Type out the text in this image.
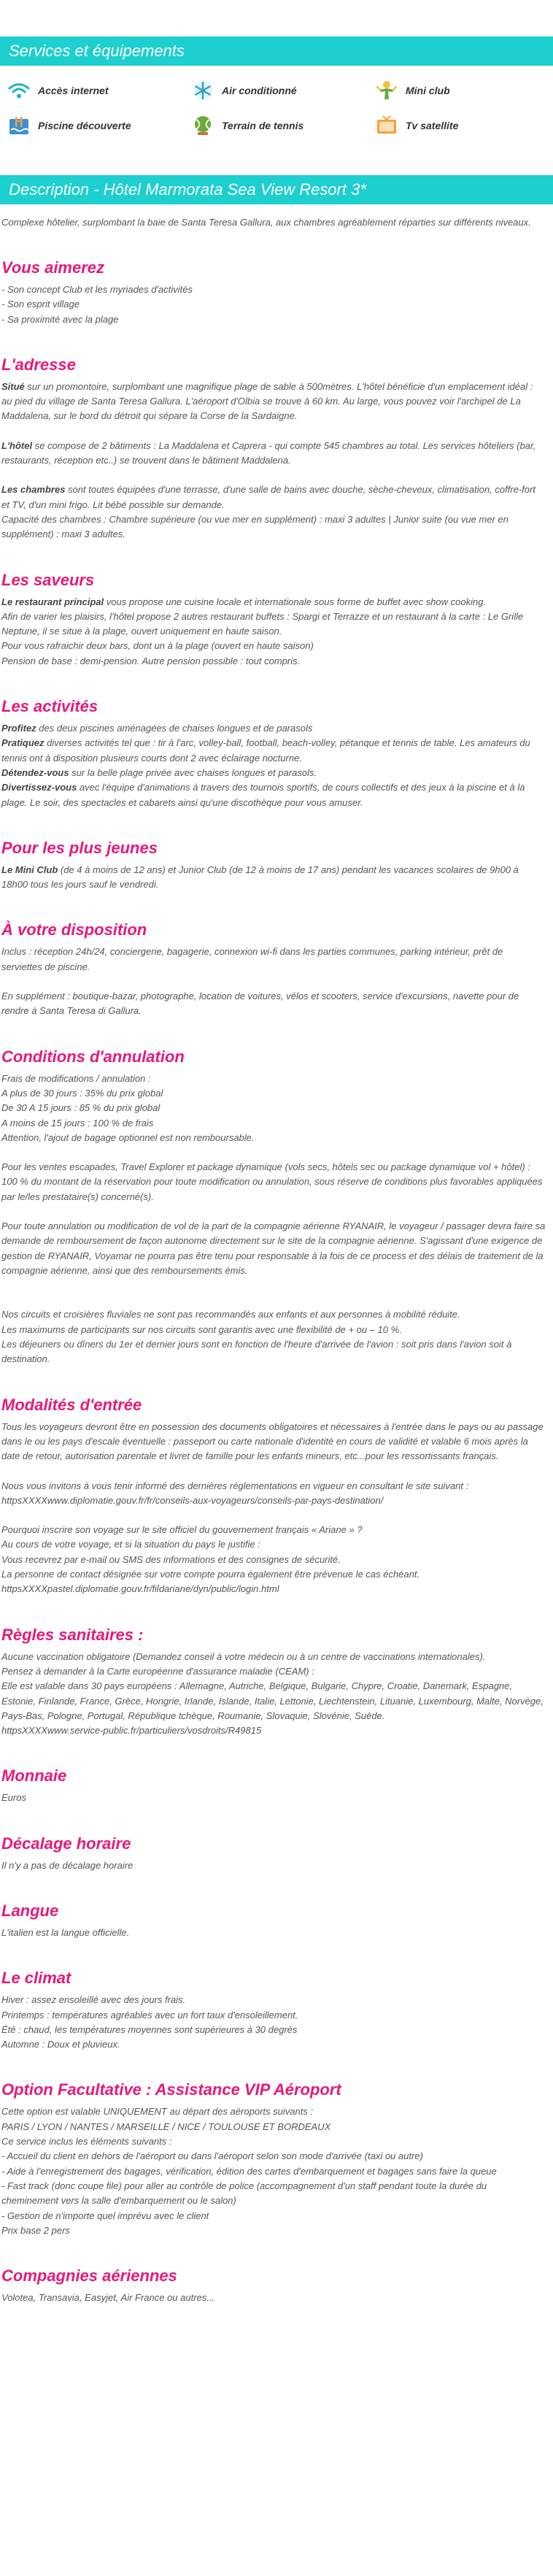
Services et équipements
Accès internet	Air conditionné	Mini club
Piscine découverte	Terrain de tennis	Tv satellite
Description - Hôtel Marmorata Sea View Resort 3*

Complexe hôtelier, surplombant la baie de Santa Teresa Gallura, aux chambres agréablement réparties sur différents niveaux.

Vous aimerez

- Son concept Club et les myriades d'activités
- Son esprit village
- Sa proximité avec la plage

L'adresse

Situé sur un promontoire, surplombant une magnifique plage de sable à 500mètres. L'hôtel bénéficie d'un emplacement idéal : au pied du village de Santa Teresa Gallura. L'aéroport d'Olbia se trouve à 60 km. Au large, vous pouvez voir l'archipel de La Maddalena, sur le bord du détroit qui sépare la Corse de la Sardaigne.

L'hôtel se compose de 2 bâtiments : La Maddalena et Caprera - qui compte 545 chambres au total. Les services hôteliers (bar, restaurants, réception etc..) se trouvent dans le bâtiment Maddalena.

Les chambres sont toutes équipées d'une terrasse, d'une salle de bains avec douche, sèche-cheveux, climatisation, coffre-fort et TV, d'un mini frigo. Lit bébé possible sur demande.
Capacité des chambres : Chambre supérieure (ou vue mer en supplément) : maxi 3 adultes | Junior suite (ou vue mer en supplément) : maxi 3 adultes.

Les saveurs

Le restaurant principal vous propose une cuisine locale et internationale sous forme de buffet avec show cooking.
Afin de varier les plaisirs, l'hôtel propose 2 autres restaurant buffets : Spargi et Terrazze et un restaurant à la carte : Le Grille Neptune, il se situe à la plage, ouvert uniquement en haute saison.
Pour vous rafraichir deux bars, dont un à la plage (ouvert en haute saison)
Pension de base : demi-pension. Autre pension possible : tout compris.

Les activités

Profitez des deux piscines aménagées de chaises longues et de parasols
Pratiquez diverses activités tel que : tir à l'arc, volley-ball, football, beach-volley, pétanque et tennis de table. Les amateurs du tennis ont à disposition plusieurs courts dont 2 avec éclairage nocturne.
Détendez-vous sur la belle plage privée avec chaises longues et parasols.
Divertissez-vous avec l'équipe d'animations à travers des tournois sportifs, de cours collectifs et des jeux à la piscine et à la plage. Le soir, des spectacles et cabarets ainsi qu'une discothèque pour vous amuser.

Pour les plus jeunes

Le Mini Club (de 4 à moins de 12 ans) et Junior Club (de 12 à moins de 17 ans) pendant les vacances scolaires de 9h00 à 18h00 tous les jours sauf le vendredi.

À votre disposition

Inclus : réception 24h/24, conciergerie, bagagerie, connexion wi-fi dans les parties communes, parking intérieur, prêt de serviettes de piscine.

En supplément : boutique-bazar, photographe, location de voitures, vélos et scooters, service d'excursions, navette pour de rendre à Santa Teresa di Gallura.

Conditions d'annulation

Frais de modifications / annulation :
A plus de 30 jours : 35% du prix global
De 30 A 15 jours : 85 % du prix global
A moins de 15 jours : 100 % de frais
Attention, l'ajout de bagage optionnel est non remboursable.

Pour les ventes escapades, Travel Explorer et package dynamique (vols secs, hôtels sec ou package dynamique vol + hôtel) : 100 % du montant de la réservation pour toute modification ou annulation, sous réserve de conditions plus favorables appliquées par le/les prestataire(s) concerné(s).

Pour toute annulation ou modification de vol de la part de la compagnie aérienne RYANAIR, le voyageur / passager devra faire sa demande de remboursement de façon autonome directement sur le site de la compagnie aérienne. S'agissant d'une exigence de gestion de RYANAIR, Voyamar ne pourra pas être tenu pour responsable à la fois de ce process et des délais de traitement de la compagnie aérienne, ainsi que des remboursements émis.

Nos circuits et croisières fluviales ne sont pas recommandés aux enfants et aux personnes à mobilité réduite.
Les maximums de participants sur nos circuits sont garantis avec une flexibilité de + ou – 10 %.
Les déjeuners ou dîners du 1er et dernier jours sont en fonction de l'heure d'arrivée de l'avion : soit pris dans l'avion soit à destination.

Modalités d'entrée

Tous les voyageurs devront être en possession des documents obligatoires et nécessaires à l'entrée dans le pays ou au passage dans le ou les pays d'escale éventuelle : passeport ou carte nationale d'identité en cours de validité et valable 6 mois après la date de retour, autorisation parentale et livret de famille pour les enfants mineurs, etc...pour les ressortissants français.

Nous vous invitons à vous tenir informé des dernières réglementations en vigueur en consultant le site suivant : httpsXXXXwww.diplomatie.gouv.fr/fr/conseils-aux-voyageurs/conseils-par-pays-destination/

Pourquoi inscrire son voyage sur le site officiel du gouvernement français « Ariane » ?
Au cours de votre voyage, et si la situation du pays le justifie :
Vous recevrez par e-mail ou SMS des informations et des consignes de sécurité.
La personne de contact désignée sur votre compte pourra également être prévenue le cas échéant.
httpsXXXXpastel.diplomatie.gouv.fr/fildariane/dyn/public/login.html

Règles sanitaires :

Aucune vaccination obligatoire (Demandez conseil à votre médecin ou à un centre de vaccinations internationales).
Pensez à demander à la Carte européenne d'assurance maladie (CEAM) :
Elle est valable dans 30 pays européens : Allemagne, Autriche, Belgique, Bulgarie, Chypre, Croatie, Danemark, Espagne, Estonie, Finlande, France, Grèce, Hongrie, Irlande, Islande, Italie, Lettonie, Liechtenstein, Lituanie, Luxembourg, Malte, Norvège, Pays-Bas, Pologne, Portugal, République tchèque, Roumanie, Slovaquie, Slovénie, Suède.
httpsXXXXwww.service-public.fr/particuliers/vosdroits/R49815

Monnaie

Euros

Décalage horaire

Il n'y a pas de décalage horaire

Langue

L'italien est la langue officielle.

Le climat

Hiver : assez ensoleillé avec des jours frais.
Printemps : températures agréables avec un fort taux d'ensoleillement.
Été : chaud, les températures moyennes sont supérieures à 30 degrés
Automne : Doux et pluvieux.

Option Facultative : Assistance VIP Aéroport

Cette option est valable UNIQUEMENT au départ des aéroports suivants :
PARIS / LYON / NANTES / MARSEILLE / NICE / TOULOUSE ET BORDEAUX
Ce service inclus les éléments suivants :
- Accueil du client en dehors de l'aéroport ou dans l'aéroport selon son mode d'arrivée (taxi ou autre)
- Aide à l'enregistrement des bagages, vérification, édition des cartes d'embarquement et bagages sans faire la queue
- Fast track (donc coupe file) pour aller au contrôle de police (accompagnement d'un staff pendant toute la durée du cheminement vers la salle d'embarquement ou le salon)
- Gestion de n'importe quel imprévu avec le client
Prix base 2 pers

Compagnies aériennes

Volotea, Transavia, Easyjet, Air France ou autres...
